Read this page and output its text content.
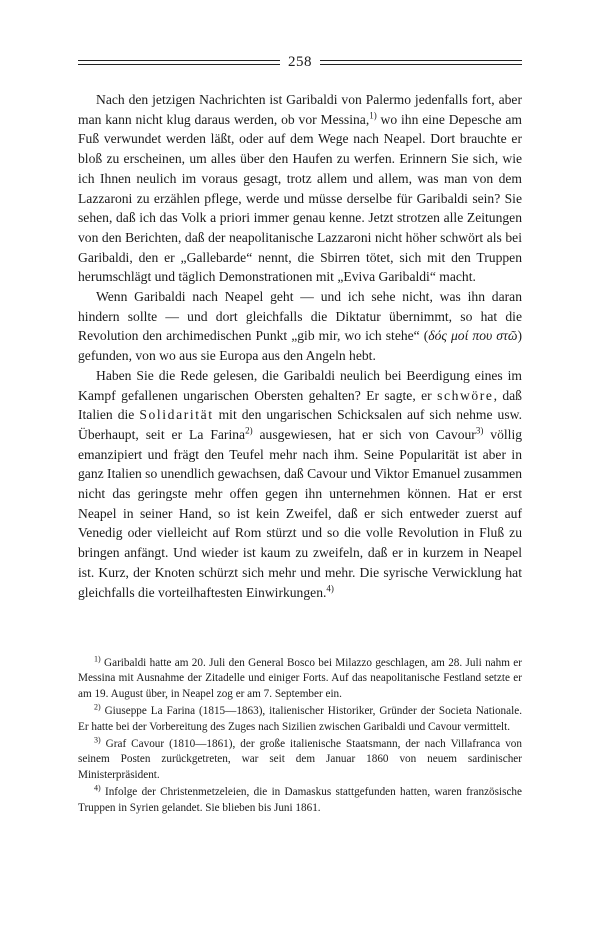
258

Nach den jetzigen Nachrichten ist Garibaldi von Palermo jedenfalls fort, aber man kann nicht klug daraus werden, ob vor Messina,$^{1)}$ wo ihn eine Depesche am Fuß verwundet werden läßt, oder auf dem Wege nach Neapel. Dort brauchte er bloß zu erscheinen, um alles über den Haufen zu werfen. Erinnern Sie sich, wie ich Ihnen neulich im voraus gesagt, trotz allem und allem, was man von dem Lazzaroni zu erzählen pflege, werde und müsse derselbe für Garibaldi sein? Sie sehen, daß ich das Volk a priori immer genau kenne. Jetzt strotzen alle Zeitungen von den Berichten, daß der neapolitanische Lazzaroni nicht höher schwört als bei Garibaldi, den er „Gallebarde“ nennt, die Sbirren tötet, sich mit den Truppen herumschlägt und täglich Demonstrationen mit „Eviva Garibaldi“ macht.

Wenn Garibaldi nach Neapel geht — und ich sehe nicht, was ihn daran hindern sollte — und dort gleichfalls die Diktatur übernimmt, so hat die Revolution den archimedischen Punkt „gib mir, wo ich stehe“ (δός μοί που στῶ) gefunden, von wo aus sie Europa aus den Angeln hebt.

Haben Sie die Rede gelesen, die Garibaldi neulich bei Beerdigung eines im Kampf gefallenen ungarischen Obersten gehalten? Er sagte, er schwöre, daß Italien die Solidarität mit den ungarischen Schicksalen auf sich nehme usw. Überhaupt, seit er La Farina$^{2)}$ ausgewiesen, hat er sich von Cavour$^{3)}$ völlig emanzipiert und frägt den Teufel mehr nach ihm. Seine Popularität ist aber in ganz Italien so unendlich gewachsen, daß Cavour und Viktor Emanuel zusammen nicht das geringste mehr offen gegen ihn unternehmen können. Hat er erst Neapel in seiner Hand, so ist kein Zweifel, daß er sich entweder zuerst auf Venedig oder vielleicht auf Rom stürzt und so die volle Revolution in Fluß zu bringen anfängt. Und wieder ist kaum zu zweifeln, daß er in kurzem in Neapel ist. Kurz, der Knoten schürzt sich mehr und mehr. Die syrische Verwicklung hat gleichfalls die vorteilhaftesten Einwirkungen.$^{4)}$

$^{1)}$ Garibaldi hatte am 20. Juli den General Bosco bei Milazzo geschlagen, am 28. Juli nahm er Messina mit Ausnahme der Zitadelle und einiger Forts. Auf das neapolitanische Festland setzte er am 19. August über, in Neapel zog er am 7. September ein.

$^{2)}$ Giuseppe La Farina (1815—1863), italienischer Historiker, Gründer der Societa Nationale. Er hatte bei der Vorbereitung des Zuges nach Sizilien zwischen Garibaldi und Cavour vermittelt.

$^{3)}$ Graf Cavour (1810—1861), der große italienische Staatsmann, der nach Villafranca von seinem Posten zurückgetreten, war seit dem Januar 1860 von neuem sardinischer Ministerpräsident.

$^{4)}$ Infolge der Christenmetzeleien, die in Damaskus stattgefunden hatten, waren französische Truppen in Syrien gelandet. Sie blieben bis Juni 1861.
